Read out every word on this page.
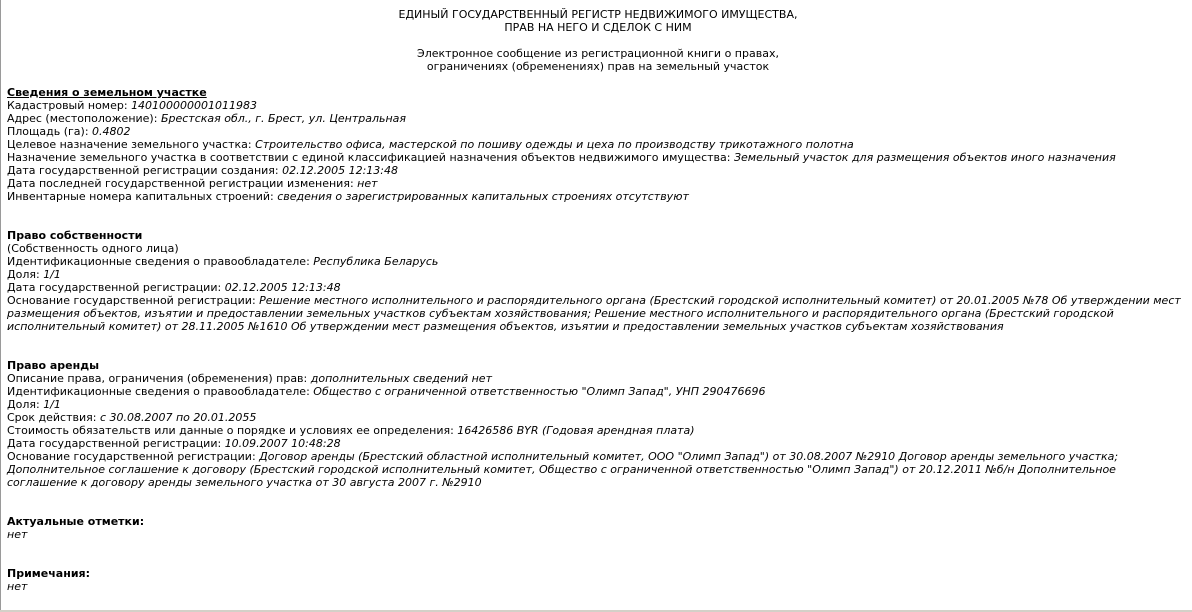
ЕДИНЫЙ ГОСУДАРСТВЕННЫЙ РЕГИСТР НЕДВИЖИМОГО ИМУЩЕСТВА,
ПРАВ НА НЕГО И СДЕЛОК С НИМ
Электронное сообщение из регистрационной книги о правах,
ограничениях (обременениях) прав на земельный участок
Сведения о земельном участке
Кадастровый номер: 140100000001011983
Адрес (местоположение): Брестская обл., г. Брест, ул. Центральная
Площадь (га): 0.4802
Целевое назначение земельного участка: Строительство офиса, мастерской по пошиву одежды и цеха по производству трикотажного полотна
Назначение земельного участка в соответствии с единой классификацией назначения объектов недвижимого имущества: Земельный участок для размещения объектов иного назначения
Дата государственной регистрации создания: 02.12.2005 12:13:48
Дата последней государственной регистрации изменения: нет
Инвентарные номера капитальных строений: сведения о зарегистрированных капитальных строениях отсутствуют
Право собственности
(Собственность одного лица)
Идентификационные сведения о правообладателе: Республика Беларусь
Доля: 1/1
Дата государственной регистрации: 02.12.2005 12:13:48
Основание государственной регистрации: Решение местного исполнительного и распорядительного органа (Брестский городской исполнительный комитет) от 20.01.2005 №78 Об утверждении мест размещения объектов, изъятии и предоставлении земельных участков субъектам хозяйствования; Решение местного исполнительного и распорядительного органа (Брестский городской исполнительный комитет) от 28.11.2005 №1610 Об утверждении мест размещения объектов, изъятии и предоставлении земельных участков субъектам хозяйствования
Право аренды
Описание права, ограничения (обременения) прав: дополнительных сведений нет
Идентификационные сведения о правообладателе: Общество с ограниченной ответственностью "Олимп Запад", УНП 290476696
Доля: 1/1
Срок действия: с 30.08.2007 по 20.01.2055
Стоимость обязательств или данные о порядке и условиях ее определения: 16426586 BYR (Годовая арендная плата)
Дата государственной регистрации: 10.09.2007 10:48:28
Основание государственной регистрации: Договор аренды (Брестский областной исполнительный комитет, ООО "Олимп Запад") от 30.08.2007 №2910 Договор аренды земельного участка; Дополнительное соглашение к договору (Брестский городской исполнительный комитет, Общество с ограниченной ответственностью "Олимп Запад") от 20.12.2011 №б/н Дополнительное соглашение к договору аренды земельного участка от 30 августа 2007 г. №2910
Актуальные отметки:
нет
Примечания:
нет
